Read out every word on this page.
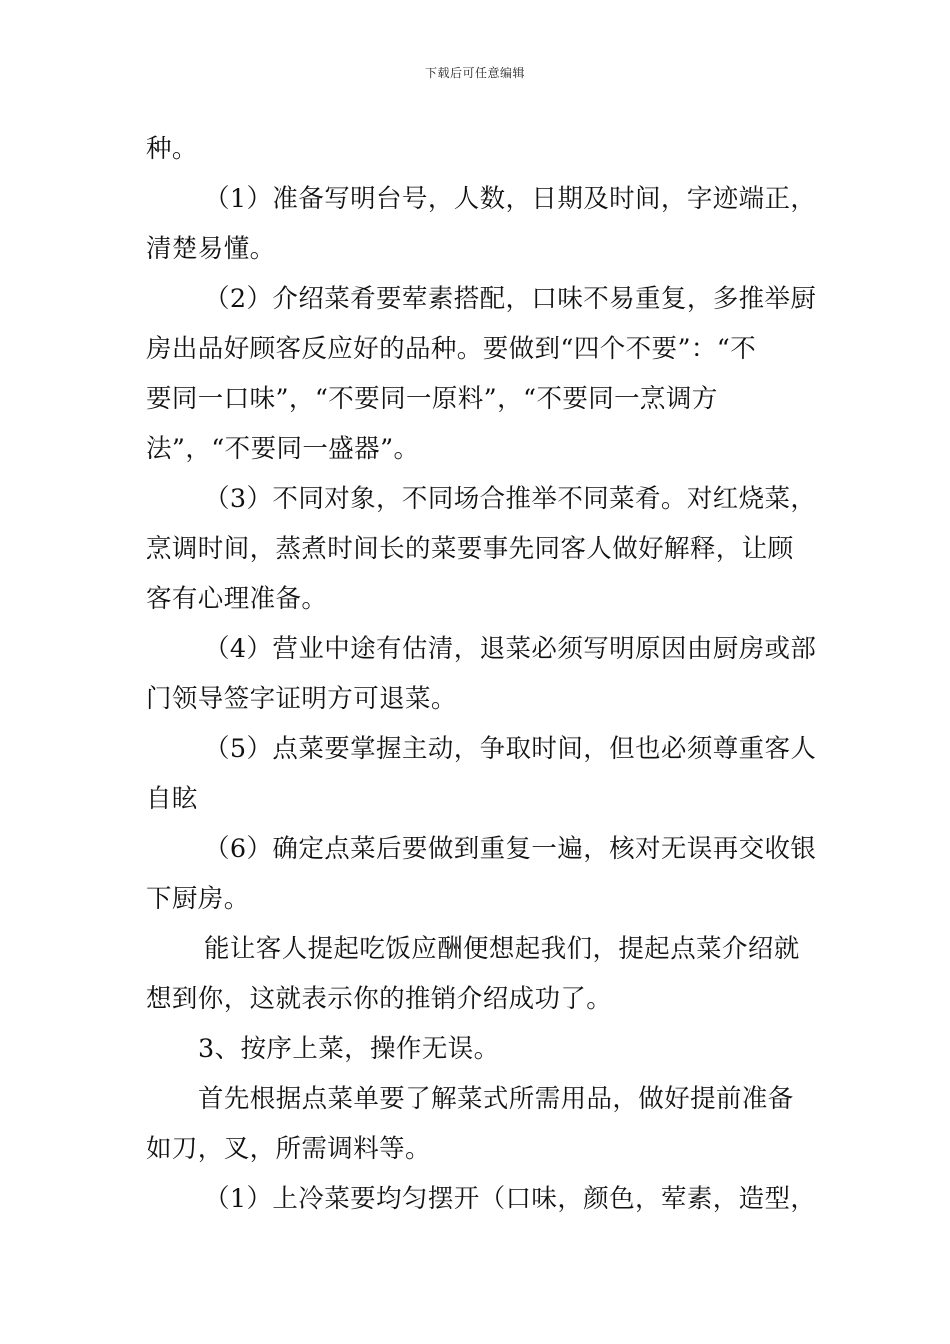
下载后可任意编辑
种。
（1）准备写明台号，人数，日期及时间，字迹端正，
清楚易懂。
（2）介绍菜肴要荤素搭配，口味不易重复，多推举厨
房出品好顾客反应好的品种。要做到“四个不要”：“不
要同一口味”，“不要同一原料”，“不要同一烹调方
法”，“不要同一盛器”。
（3）不同对象，不同场合推举不同菜肴。对红烧菜，
烹调时间，蒸煮时间长的菜要事先同客人做好解释，让顾
客有心理准备。
（4）营业中途有估清，退菜必须写明原因由厨房或部
门领导签字证明方可退菜。
（5）点菜要掌握主动，争取时间，但也必须尊重客人
自眩
（6）确定点菜后要做到重复一遍，核对无误再交收银
下厨房。
能让客人提起吃饭应酬便想起我们，提起点菜介绍就
想到你，这就表示你的推销介绍成功了。
3、按序上菜，操作无误。
首先根据点菜单要了解菜式所需用品，做好提前准备
如刀，叉，所需调料等。
（1）上冷菜要均匀摆开（口味，颜色，荤素，造型，
